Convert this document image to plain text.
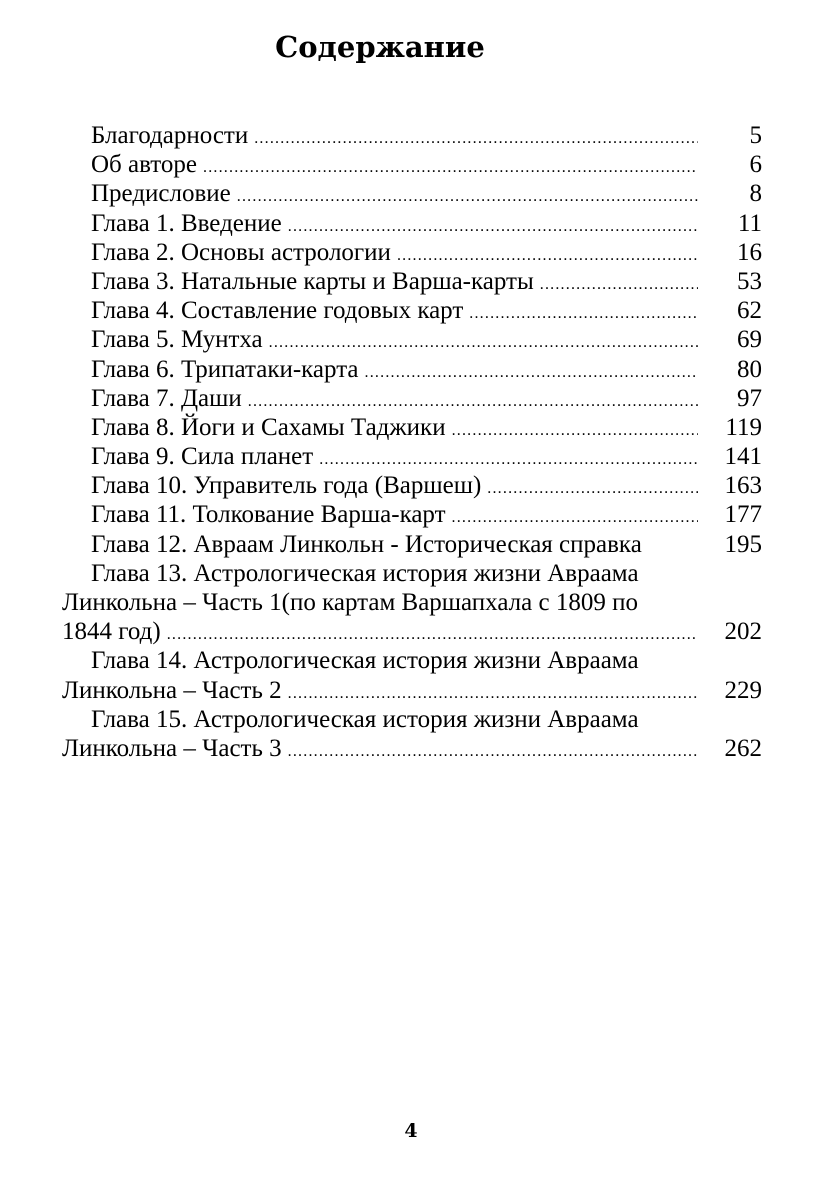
Содержание
Благодарности .....	5
Об авторе .....	6
Предисловие .....	8
Глава 1. Введение .....	11
Глава 2. Основы астрологии .....	16
Глава 3. Натальные карты и Варша-карты .....	53
Глава 4. Составление годовых карт .....	62
Глава 5. Мунтха .....	69
Глава 6. Трипатаки-карта .....	80
Глава 7. Даши .....	97
Глава 8. Йоги и Сахамы Таджики .....	119
Глава 9. Сила планет .....	141
Глава 10. Управитель года (Варшеш) .....	163
Глава 11. Толкование Варша-карт .....	177
Глава 12. Авраам Линкольн - Историческая справка	195
Глава 13. Астрологическая история жизни Авраама
Линкольна – Часть 1(по картам Варшапхала с 1809 по
1844 год) .....	202
Глава 14. Астрологическая история жизни Авраама
Линкольна – Часть 2 .....	229
Глава 15. Астрологическая история жизни Авраама
Линкольна – Часть 3 .....	262
4
